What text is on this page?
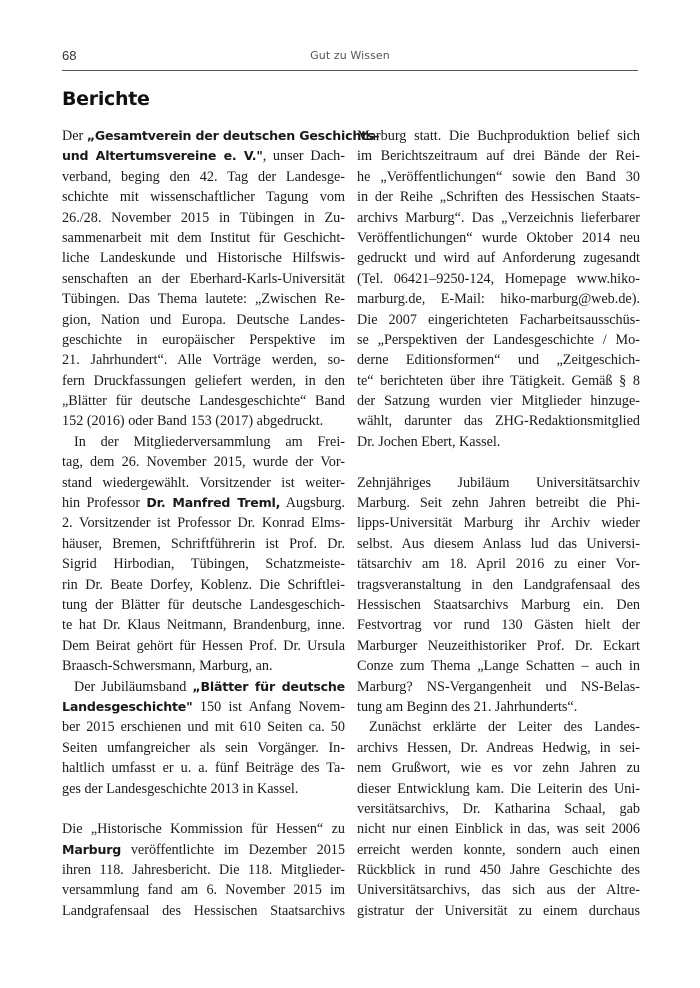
68	Gut zu Wissen
Berichte
Der „Gesamtverein der deutschen Geschichts-
und Altertumsvereine e. V.", unser Dach-
verband, beging den 42. Tag der Landesge-
schichte mit wissenschaftlicher Tagung vom
26./28. November 2015 in Tübingen in Zu-
sammenarbeit mit dem Institut für Geschicht-
liche Landeskunde und Historische Hilfswis-
senschaften an der Eberhard-Karls-Universität
Tübingen. Das Thema lautete: „Zwischen Re-
gion, Nation und Europa. Deutsche Landes-
geschichte in europäischer Perspektive im
21. Jahrhundert“. Alle Vorträge werden, so-
fern Druckfassungen geliefert werden, in den
„Blätter für deutsche Landesgeschichte“ Band
152 (2016) oder Band 153 (2017) abgedruckt.
In der Mitgliederversammlung am Frei-
tag, dem 26. November 2015, wurde der Vor-
stand wiedergewählt. Vorsitzender ist weiter-
hin Professor Dr. Manfred Treml, Augsburg.
2. Vorsitzender ist Professor Dr. Konrad Elms-
häuser, Bremen, Schriftführerin ist Prof. Dr.
Sigrid Hirbodian, Tübingen, Schatzmeiste-
rin Dr. Beate Dorfey, Koblenz. Die Schriftlei-
tung der Blätter für deutsche Landesgeschich-
te hat Dr. Klaus Neitmann, Brandenburg, inne.
Dem Beirat gehört für Hessen Prof. Dr. Ursula
Braasch-Schwersmann, Marburg, an.
Der Jubiläumsband „Blätter für deutsche
Landesgeschichte" 150 ist Anfang Novem-
ber 2015 erschienen und mit 610 Seiten ca. 50
Seiten umfangreicher als sein Vorgänger. In-
haltlich umfasst er u. a. fünf Beiträge des Ta-
ges der Landesgeschichte 2013 in Kassel.
Die „Historische Kommission für Hessen“ zu
Marburg veröffentlichte im Dezember 2015
ihren 118. Jahresbericht. Die 118. Mitglieder-
versammlung fand am 6. November 2015 im
Landgrafensaal des Hessischen Staatsarchivs
Marburg statt. Die Buchproduktion belief sich
im Berichtszeitraum auf drei Bände der Rei-
he „Veröffentlichungen“ sowie den Band 30
in der Reihe „Schriften des Hessischen Staats-
archivs Marburg“. Das „Verzeichnis lieferbarer
Veröffentlichungen“ wurde Oktober 2014 neu
gedruckt und wird auf Anforderung zugesandt
(Tel. 06421–9250-124, Homepage www.hiko-
marburg.de, E-Mail: hiko-marburg@web.de).
Die 2007 eingerichteten Facharbeitsausschüs-
se „Perspektiven der Landesgeschichte / Mo-
derne Editionsformen“ und „Zeitgeschich-
te“ berichteten über ihre Tätigkeit. Gemäß § 8
der Satzung wurden vier Mitglieder hinzuge-
wählt, darunter das ZHG-Redaktionsmitglied
Dr. Jochen Ebert, Kassel.
Zehnjähriges Jubiläum Universitätsarchiv
Marburg. Seit zehn Jahren betreibt die Phi-
lipps-Universität Marburg ihr Archiv wieder
selbst. Aus diesem Anlass lud das Universi-
tätsarchiv am 18. April 2016 zu einer Vor-
tragsveranstaltung in den Landgrafensaal des
Hessischen Staatsarchivs Marburg ein. Den
Festvortrag vor rund 130 Gästen hielt der
Marburger Neuzeithistoriker Prof. Dr. Eckart
Conze zum Thema „Lange Schatten – auch in
Marburg? NS-Vergangenheit und NS-Belas-
tung am Beginn des 21. Jahrhunderts“.
Zunächst erklärte der Leiter des Landes-
archivs Hessen, Dr. Andreas Hedwig, in sei-
nem Grußwort, wie es vor zehn Jahren zu
dieser Entwicklung kam. Die Leiterin des Uni-
versitätsarchivs, Dr. Katharina Schaal, gab
nicht nur einen Einblick in das, was seit 2006
erreicht werden konnte, sondern auch einen
Rückblick in rund 450 Jahre Geschichte des
Universitätsarchivs, das sich aus der Altre-
gistratur der Universität zu einem durchaus
